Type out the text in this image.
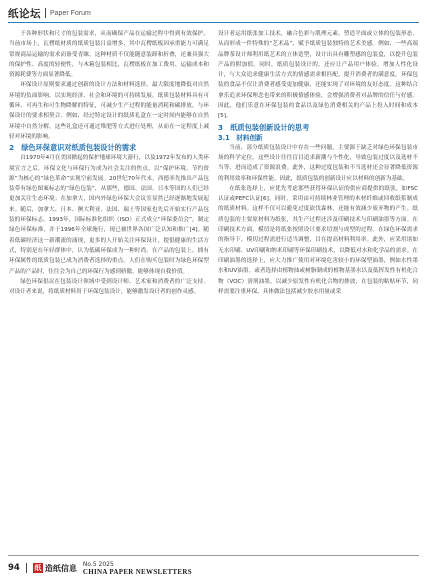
纸论坛 Paper Forum

于各种形状和尺寸的包装需求，从而确保产品在运输过程中得到有效保护。当前市场上，瓦楞纸材质的纸质包装日益增多，其中瓦楞纸板因承重能力可满足常规商品运输的需求而备受青睐。这种材质不仅能随意装卸和折叠，还兼具强大的保护性、高度的轻便性，与木箱包装相比，瓦楞纸板在加工费用、运输成本和资源耗费等方面显著降低。

环保设计原则要求通过创新的设计方法和材料选择，最大限度地降低对自然环境的负面影响，以实现经济、社会和环境的可持续发展。纸质包装材料具有可循环、可再生和可生物降解的特征，可减少生产过程的能量消耗和碳排放，与环保设计的要求相契合。例如，经过特定设计的纸质礼盒在一定时间内能够在自然环境中自然分解，这些礼盒还可通过堆肥等方式进行处理，从而在一定程度上减轻对环境的影响。

2　绿色环保意识对纸质包装设计的需求

自1970年4月在美国掀起的保护地球环境大游行，以及1972年发布的人类环境宣言之后，环保文化与环保行为成为社会关注的焦点，以“保护环境、节约资源”为核心的“绿色革命”实现空前发展。20世纪70年代末，西德率先推出产品包装带有绿色图案标志的“绿色包装”，从那些，德国、法国、日本等国的人们已经更加关注生态环境；在加拿大，国内外绿色环保大会议室显然已经逐渐地发展起来。随后，加拿大、日本、澳大利亚、法国、瑞士等国家也先后开始实行产品包装的环保标志。1993年，国际标准化组织（ISO）正式成立“环保委员会”，制定绿色环保标准，并于1996年全球施行，现已被世界各国广泛认知和推广[4]。随着低碳经济这一新潮流的涌现，更多的人开始关注环保设计，提倡健康的生活方式，特别是在年轻群体中，认为低碳环保成为一种时尚。在产品的包装上，拥有环保属性的纸质包装已成为消费者选择的重点。人们在购买包装时为绿色环保型产品的产品时，往往会为自己的环保行为感到骄傲，能够体现自我价值。

绿色环保倡议在包装设计领域中受到设计师、艺术家和消费者的广泛支持。对设计者来说，将纸质材料用于环保包装设计，能够激发设计者的创作灵感。

设计者运用纸张加工技术，融合色彩与肌理元素，塑造平面或立体的包装形态，从而形成一件特殊的“艺术品”，赋予纸质包装独特的艺术美感。例如，一些高端品牌茶设计师利用纸艺术的立体造型，设计出具有雕塑感的包装盒，以提升包装产品的附加值。同时，纸质包装设计的，还应让产品用户体验，增加人性化设计，与大众追求健康生活方式的情感需求相匹配，提升消费者的满意度。环保包装的食品不仅让消费者感受更加健康、还能实现了对环境的友好态度。这种结合拿乐追求环保理念也带来的积极情感体验，会增强消费者对品牌的信任与好感。因此，他们乐意在环保包装的食品以及绿色消费相关的产品上投入时间和成本[5]。

3　纸质包装创新设计的思考

3.1　材料创新

当前，部分纸质包装设计中存在一些问题，主要源于缺乏对绿色环保包装市场的科学定位。这些设计往往盲目追求新潮与个性化，导致包装过度以及选材不当等，进而造成了资源浪费。此外，这种过度包装和不当选材还会显著降低资源的利用效率和环保性能。因此，纸质包装的创新设计应以材料的创新为基础。

在纸张选择上，应优先考虑那些获得环保认证的供应商提供的纸张，如FSC认证或PEFC认证[6]。同时，采用由可持续林业管理的木材纤维或回收纸浆制成的纸质材料。这样不仅可以避免过度砍伐森林，还能有效减少废弃物的产生。纸质包装的主要原材料为纸张，其生产过程还涉及印刷技术与印刷油墨等方面。在印刷技术方面，模切是将纸张按照设计要求切割与成型的过程。在绿色环保需求的指导下，模切过程需进行适当调整，目在提高材料利用率。此外，应采用诸如无水印刷、UV印刷和纳米印刷等环保印刷技术，以降低对水和化学品的需求。在印刷油墨的选择上，应大力推广使用对环境危害较小的环保型油墨，例如水性墨水和UV油墨。或者选择由植物油或树脂制成的植物基墨水以及低挥发性有机化合物（VOC）溶剂油墨，以减少原发性有机化合物的排放，在包装的粘贴环节，同样需要注重环保，具体做法包括减少胶水用量或采

94 纸 造纸信息 No.5 2025
CHINA PAPER NEWSLETTERS
